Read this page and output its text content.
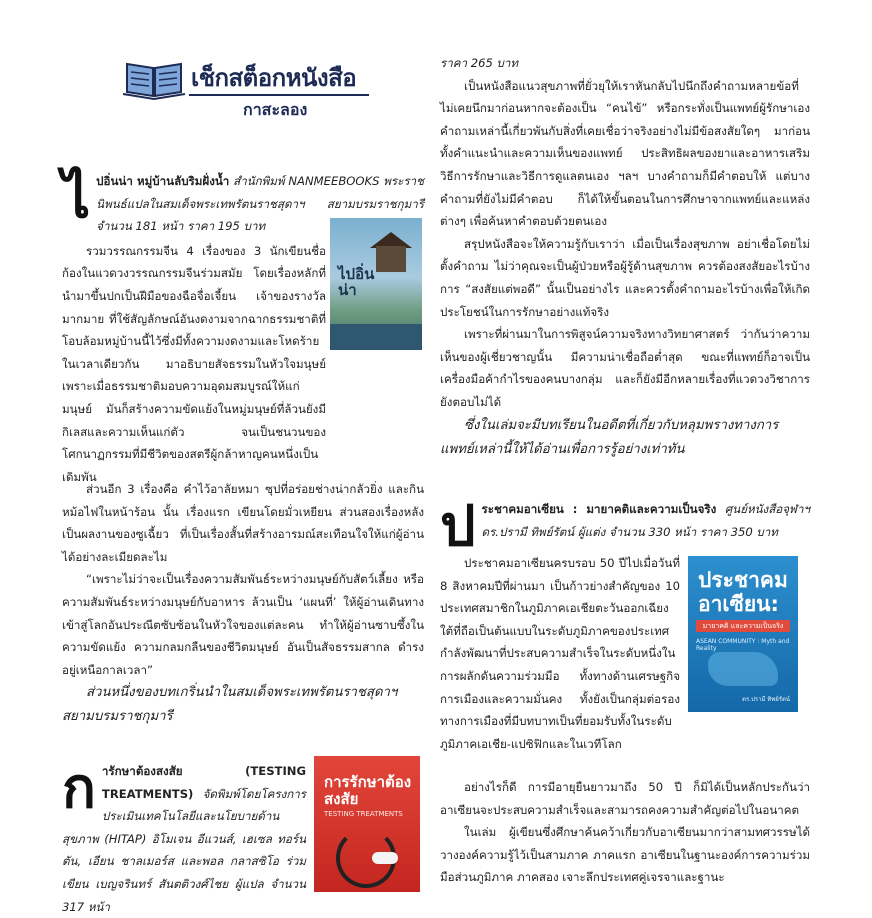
เช็กสต็อกหนังสือ
กาสะลอง
ไ ปอิ่นน่า หมู่บ้านลับริมฝั่งน้ำ สำนักพิมพ์ NANMEEBOOKS พระราชนิพนธ์แปลในสมเด็จพระเทพรัตนราชสุดาฯ สยามบรมราชกุมารี จำนวน 181 หน้า ราคา 195 บาท

รวมวรรณกรรมจีน 4 เรื่องของ 3 นักเขียนชื่อก้องในแวดวงวรรณกรรมจีนร่วมสมัย โดยเรื่องหลักที่นำมาขึ้นปกเป็นฝีมือของฉือจื่อเจี้ยน เจ้าของรางวัลมากมาย ที่ใช้สัญลักษณ์อันงดงามจากฉากธรรมชาติที่โอบล้อมหมู่บ้านนี้ไว้ซึ่งมีทั้งความงดงามและโหดร้ายในเวลาเดียวกัน มาอธิบายสัจธรรมในหัวใจมนุษย์ เพราะเมื่อธรรมชาติมอบความอุดมสมบูรณ์ให้แก่มนุษย์ มันก็สร้างความขัดแย้งในหมู่มนุษย์ที่ล้วนยังมีกิเลสและความเห็นแก่ตัว จนเป็นชนวนของโศกนาฏกรรมที่มีชีวิตของสตรีผู้กล้าหาญคนหนึ่งเป็นเดิมพัน

ไปอิ่นน่า

ส่วนอีก 3 เรื่องคือ คำไว้อาลัยหมา ซุปที่อร่อยช่างน่ากลัวยิ่ง และกินหม้อไฟในหน้าร้อน นั้น เรื่องแรก เขียนโดยมั่วเหยียน ส่วนสองเรื่องหลัง เป็นผลงานของซูเฉี้ยว ที่เป็นเรื่องสั้นที่สร้างอารมณ์สะเทือนใจให้แก่ผู้อ่านได้อย่างละเมียดละไม

“เพราะไม่ว่าจะเป็นเรื่องความสัมพันธ์ระหว่างมนุษย์กับสัตว์เลี้ยง หรือความสัมพันธ์ระหว่างมนุษย์กับอาหาร ล้วนเป็น ‘แผนที่’ ให้ผู้อ่านเดินทางเข้าสู่โลกอันประณีตซับซ้อนในหัวใจของแต่ละคน ทำให้ผู้อ่านซาบซึ้งในความขัดแย้ง ความกลมกลืนของชีวิตมนุษย์ อันเป็นสัจธรรมสากล ดำรงอยู่เหนือกาลเวลา”

ส่วนหนึ่งของบทเกริ่นนำในสมเด็จพระเทพรัตนราชสุดาฯ สยามบรมราชกุมารี

ก ารักษาต้องสงสัย (TESTING TREATMENTS) จัดพิมพ์โดยโครงการประเมินเทคโนโลยีและนโยบายด้านสุขภาพ (HITAP) อิโมเจน อีแวนส์, เฮเซล ทอร์นตัน, เอียน ชาลเมอร์ส และพอล กลาสซิโอ ร่วมเขียน เบญจรินทร์ สันตติวงศ์ไชย ผู้แปล จำนวน 317 หน้า

การรักษาต้องสงสัย
TESTING TREATMENTS

ราคา 265 บาท

เป็นหนังสือแนวสุขภาพที่ยั่วยุให้เราหันกลับไปนึกถึงคำถามหลายข้อที่ไม่เคยนึกมาก่อนหากจะต้องเป็น “คนไข้” หรือกระทั่งเป็นแพทย์ผู้รักษาเอง คำถามเหล่านี้เกี่ยวพันกับสิ่งที่เคยเชื่อว่าจริงอย่างไม่มีข้อสงสัยใดๆ มาก่อน ทั้งคำแนะนำและความเห็นของแพทย์ ประสิทธิผลของยาและอาหารเสริม วิธีการรักษาและวิธีการดูแลตนเอง ฯลฯ บางคำถามก็มีคำตอบให้ แต่บางคำถามที่ยังไม่มีคำตอบ ก็ได้ให้ขั้นตอนในการศึกษาจากแพทย์และแหล่งต่างๆ เพื่อค้นหาคำตอบด้วยตนเอง

สรุปหนังสือจะให้ความรู้กับเราว่า เมื่อเป็นเรื่องสุขภาพ อย่าเชื่อโดยไม่ตั้งคำถาม ไม่ว่าคุณจะเป็นผู้ป่วยหรือผู้รู้ด้านสุขภาพ ควรต้องสงสัยอะไรบ้าง การ “สงสัยแต่พอดี” นั้นเป็นอย่างไร และควรตั้งคำถามอะไรบ้างเพื่อให้เกิดประโยชน์ในการรักษาอย่างแท้จริง

เพราะที่ผ่านมาในการพิสูจน์ความจริงทางวิทยาศาสตร์ ว่ากันว่าความเห็นของผู้เชี่ยวชาญนั้น มีความน่าเชื่อถือต่ำสุด ขณะที่แพทย์ก็อาจเป็นเครื่องมือค้ากำไรของคนบางกลุ่ม และก็ยังมีอีกหลายเรื่องที่แวดวงวิชาการยังตอบไม่ได้

ซึ่งในเล่มจะมีบทเรียนในอดีตที่เกี่ยวกับหลุมพรางทางการแพทย์เหล่านี้ให้ได้อ่านเพื่อการรู้อย่างเท่าทัน

ป ระชาคมอาเซียน : มายาคติและความเป็นจริง ศูนย์หนังสือจุฬาฯ ดร.ปรามี ทิพย์รัตน์ ผู้แต่ง จำนวน 330 หน้า ราคา 350 บาท

ประชาคมอาเซียนครบรอบ 50 ปีไปเมื่อวันที่ 8 สิงหาคมปีที่ผ่านมา เป็นก้าวย่างสำคัญของ 10 ประเทศสมาชิกในภูมิภาคเอเชียตะวันออกเฉียงใต้ที่ถือเป็นต้นแบบในระดับภูมิภาคของประเทศกำลังพัฒนาที่ประสบความสำเร็จในระดับหนึ่งในการผลักดันความร่วมมือ ทั้งทางด้านเศรษฐกิจ การเมืองและความมั่นคง ทั้งยังเป็นกลุ่มต่อรองทางการเมืองที่มีบทบาทเป็นที่ยอมรับทั้งในระดับภูมิภาคเอเชีย-แปซิฟิกและในเวทีโลก

ประชาคม อาเซียน:
มายาคติ และความเป็นจริง
ASEAN COMMUNITY : Myth and Reality
ดร.ปรามี ทิพย์รัตน์

อย่างไรก็ดี การมีอายุยืนยาวมาถึง 50 ปี ก็มิได้เป็นหลักประกันว่าอาเซียนจะประสบความสำเร็จและสามารถคงความสำคัญต่อไปในอนาคต

ในเล่ม ผู้เขียนซึ่งศึกษาค้นคว้าเกี่ยวกับอาเซียนมากว่าสามทศวรรษได้วางองค์ความรู้ไว้เป็นสามภาค ภาคแรก อาเซียนในฐานะองค์การความร่วมมือส่วนภูมิภาค ภาคสอง เจาะลึกประเทศคู่เจรจาและฐานะ
